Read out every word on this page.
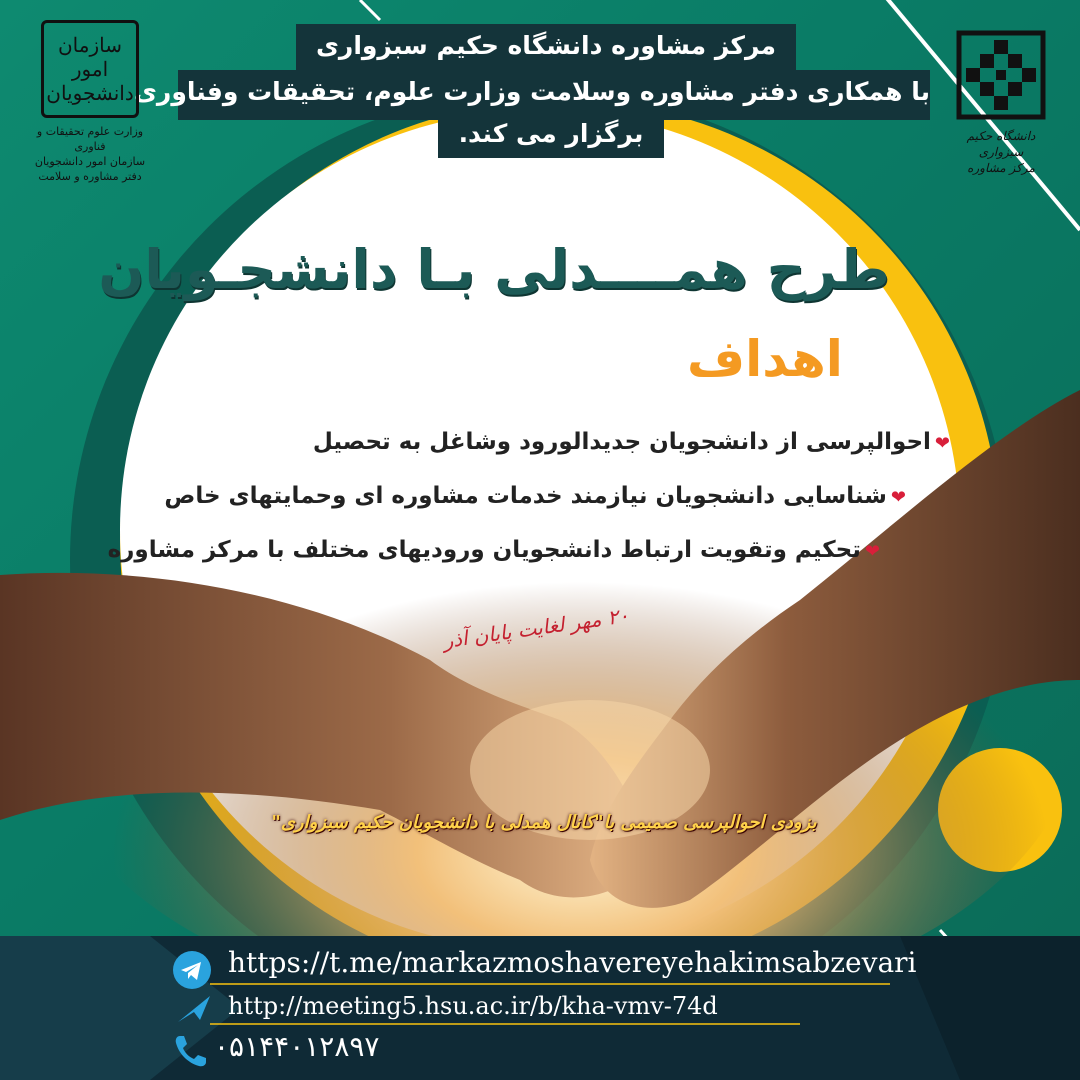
مرکز مشاوره دانشگاه حکیم سبزواری
با همکاری دفتر مشاوره وسلامت وزارت علوم، تحقیقات وفناوری
برگزار می کند.
سازمان امور دانشجویان
وزارت علوم تحقیقات و فناوری
سازمان امور دانشجویان
دفتر مشاوره و سلامت
دانشگاه حکیم سبزواری
مرکز مشاوره
طرح همــــدلی بـا دانشجـویان
اهداف
❤احوالپرسی از دانشجویان جدیدالورود وشاغل به تحصیل
❤شناسایی دانشجویان نیازمند خدمات مشاوره ای وحمایتهای خاص
❤تحکیم وتقویت ارتباط دانشجویان ورودیهای مختلف با مرکز مشاوره
۲۰ مهر لغایت پایان آذر
بزودی احوالپرسی صمیمی با"کانال همدلی با دانشجویان حکیم سبزواری"
https://t.me/markazmoshavereyehakimsabzevari
http://meeting5.hsu.ac.ir/b/kha-vmv-74d
۰۵۱۴۴۰۱۲۸۹۷
